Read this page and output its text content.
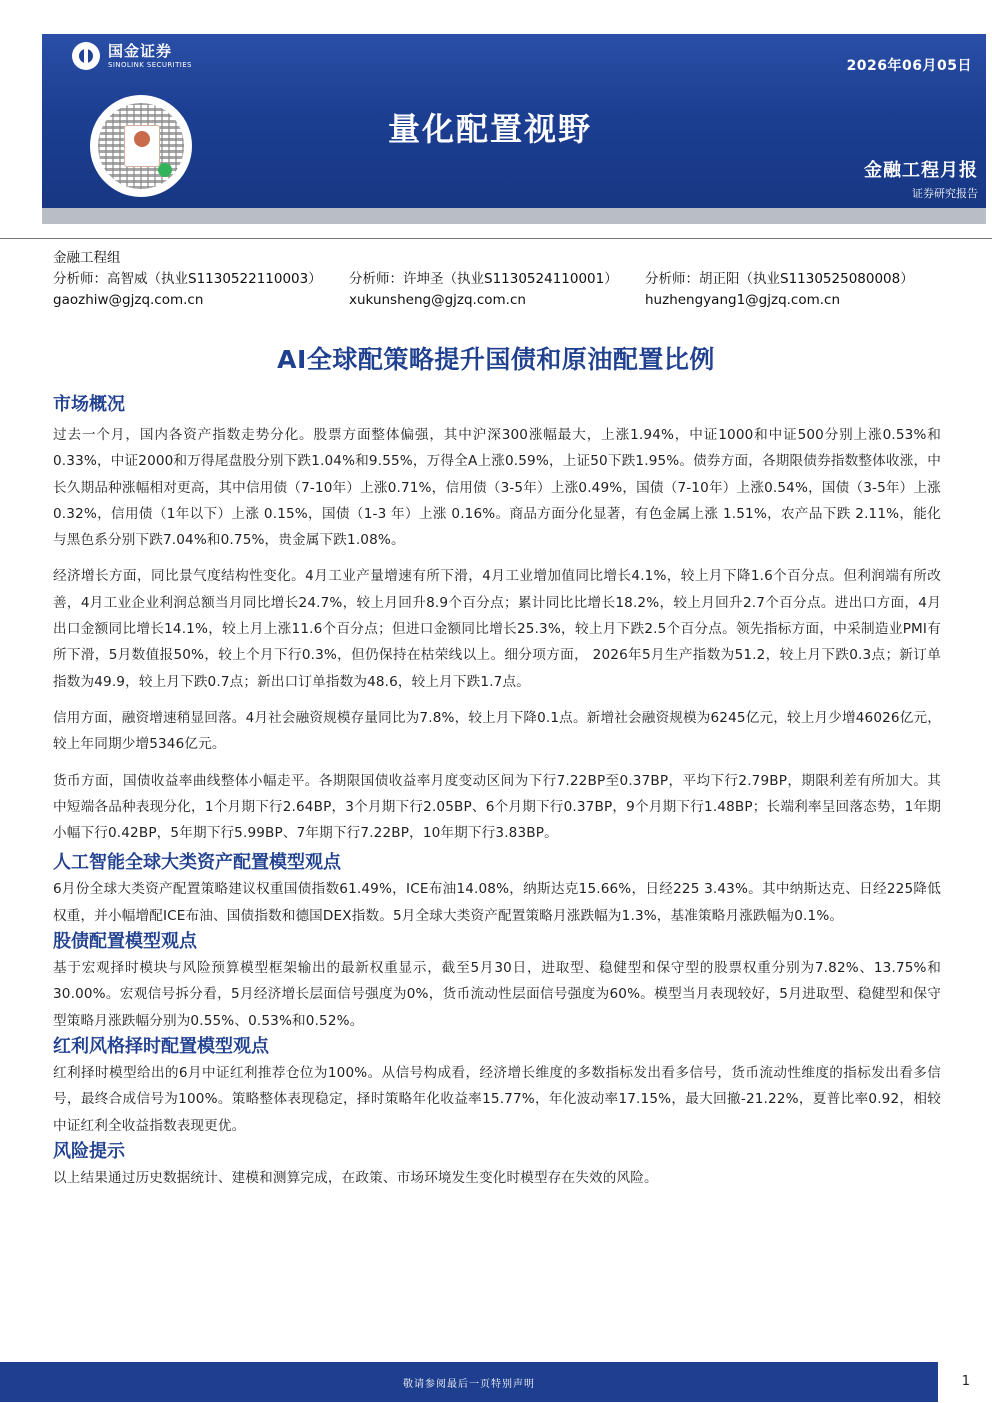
国金证券
SINOLINK SECURITIES	2026年06月05日
量化配置视野
金融工程月报
证券研究报告
金融工程组
分析师：高智威（执业S1130522110003）	分析师：许坤圣（执业S1130524110001）	分析师：胡正阳（执业S1130525080008）
gaozhiw@gjzq.com.cn	xukunsheng@gjzq.com.cn	huzhengyang1@gjzq.com.cn
AI全球配策略提升国债和原油配置比例
市场概况

过去一个月，国内各资产指数走势分化。股票方面整体偏强，其中沪深300涨幅最大，上涨1.94%，中证1000和中证500分别上涨0.53%和0.33%，中证2000和万得尾盘股分别下跌1.04%和9.55%，万得全A上涨0.59%，上证50下跌1.95%。债券方面，各期限债券指数整体收涨，中长久期品种涨幅相对更高，其中信用债（7-10年）上涨0.71%，信用债（3-5年）上涨0.49%，国债（7-10年）上涨0.54%，国债（3-5年）上涨0.32%，信用债（1年以下）上涨 0.15%，国债（1-3 年）上涨 0.16%。商品方面分化显著，有色金属上涨 1.51%，农产品下跌 2.11%，能化与黑色系分别下跌7.04%和0.75%，贵金属下跌1.08%。

经济增长方面，同比景气度结构性变化。4月工业产量增速有所下滑，4月工业增加值同比增长4.1%，较上月下降1.6个百分点。但利润端有所改善，4月工业企业利润总额当月同比增长24.7%，较上月回升8.9个百分点；累计同比比增长18.2%，较上月回升2.7个百分点。进出口方面，4月出口金额同比增长14.1%，较上月上涨11.6个百分点；但进口金额同比增长25.3%，较上月下跌2.5个百分点。领先指标方面，中采制造业PMI有所下滑，5月数值报50%，较上个月下行0.3%，但仍保持在枯荣线以上。细分项方面， 2026年5月生产指数为51.2，较上月下跌0.3点；新订单指数为49.9，较上月下跌0.7点；新出口订单指数为48.6，较上月下跌1.7点。

信用方面，融资增速稍显回落。4月社会融资规模存量同比为7.8%，较上月下降0.1点。新增社会融资规模为6245亿元，较上月少增46026亿元，较上年同期少增5346亿元。

货币方面，国债收益率曲线整体小幅走平。各期限国债收益率月度变动区间为下行7.22BP至0.37BP，平均下行2.79BP，期限利差有所加大。其中短端各品种表现分化，1个月期下行2.64BP，3个月期下行2.05BP、6个月期下行0.37BP，9个月期下行1.48BP；长端利率呈回落态势，1年期小幅下行0.42BP，5年期下行5.99BP、7年期下行7.22BP，10年期下行3.83BP。

人工智能全球大类资产配置模型观点

6月份全球大类资产配置策略建议权重国债指数61.49%，ICE布油14.08%，纳斯达克15.66%，日经225 3.43%。其中纳斯达克、日经225降低权重，并小幅增配ICE布油、国债指数和德国DEX指数。5月全球大类资产配置策略月涨跌幅为1.3%，基准策略月涨跌幅为0.1%。

股债配置模型观点

基于宏观择时模块与风险预算模型框架输出的最新权重显示，截至5月30日，进取型、稳健型和保守型的股票权重分别为7.82%、13.75%和30.00%。宏观信号拆分看，5月经济增长层面信号强度为0%，货币流动性层面信号强度为60%。模型当月表现较好，5月进取型、稳健型和保守型策略月涨跌幅分别为0.55%、0.53%和0.52%。

红利风格择时配置模型观点

红利择时模型给出的6月中证红利推荐仓位为100%。从信号构成看，经济增长维度的多数指标发出看多信号，货币流动性维度的指标发出看多信号，最终合成信号为100%。策略整体表现稳定，择时策略年化收益率15.77%，年化波动率17.15%，最大回撤-21.22%，夏普比率0.92，相较中证红利全收益指数表现更优。

风险提示

以上结果通过历史数据统计、建模和测算完成，在政策、市场环境发生变化时模型存在失效的风险。

敬请参阅最后一页特别声明	1
